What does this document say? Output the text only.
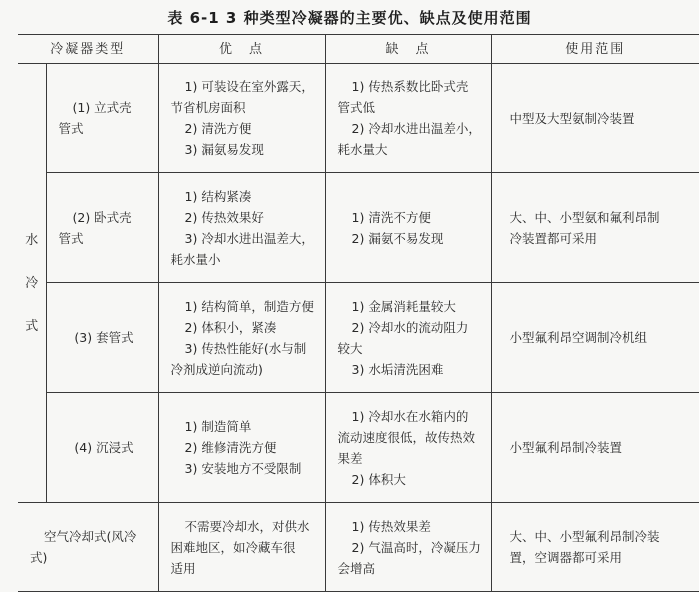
表 6-1 3 种类型冷凝器的主要优、缺点及使用范围
冷凝器类型		优　点	缺　点	使用范围

水
冷
式	(1) 立式壳
管式	1) 可装设在室外露天，
节省机房面积
2) 清洗方便
3) 漏氨易发现	1) 传热系数比卧式壳
管式低
2) 冷却水进出温差小，
耗水量大	中型及大型氨制冷装置

	(2) 卧式壳
管式	1) 结构紧凑
2) 传热效果好
3) 冷却水进出温差大，
耗水量小	1) 清洗不方便
2) 漏氨不易发现	大、中、小型氨和氟利昂制
冷装置都可采用

	(3) 套管式	1) 结构简单，制造方便
2) 体积小，紧凑
3) 传热性能好(水与制
冷剂成逆向流动)	1) 金属消耗量较大
2) 冷却水的流动阻力
较大
3) 水垢清洗困难	小型氟利昂空调制冷机组

	(4) 沉浸式	1) 制造简单
2) 维修清洗方便
3) 安装地方不受限制	1) 冷却水在水箱内的
流动速度很低，故传热效
果差
2) 体积大	小型氟利昂制冷装置

空气冷却式(风冷
式)		不需要冷却水，对供水
困难地区，如冷藏车很
适用	1) 传热效果差
2) 气温高时，冷凝压力
会增高	大、中、小型氟利昂制冷装
置，空调器都可采用
